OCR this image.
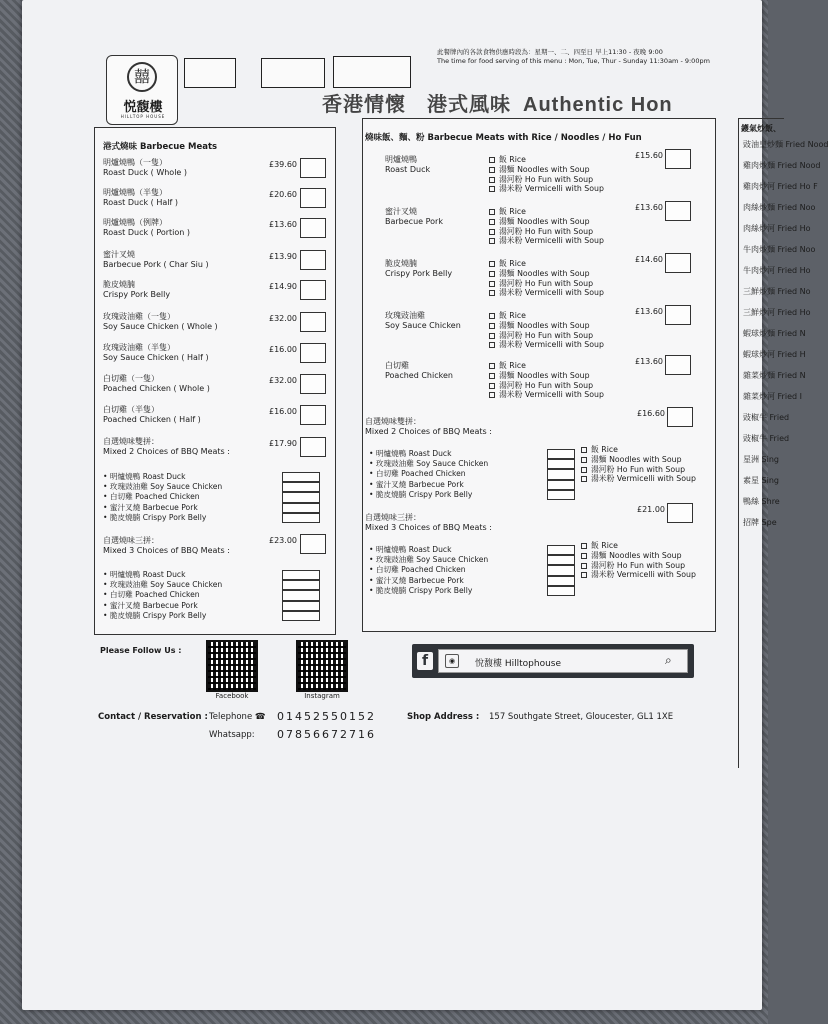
囍
悦馥樓
HILLTOP HOUSE
此餐牌內的各款食物供應時段為：星期一、二、四至日 早上11:30 - 夜晚 9:00
The time for food serving of this menu : Mon, Tue, Thur - Sunday 11:30am - 9:00pm
香港情懷　港式風味 Authentic Hon
港式燒味 Barbecue Meats
明爐燒鴨（一隻）
Roast Duck ( Whole )
£39.60
明爐燒鴨（半隻）
Roast Duck ( Half )
£20.60
明爐燒鴨（例牌）
Roast Duck ( Portion )
£13.60
蜜汁叉燒
Barbecue Pork ( Char Siu )
£13.90
脆皮燒腩
Crispy Pork Belly
£14.90
玫瑰豉油雞（一隻）
Soy Sauce Chicken ( Whole )
£32.00
玫瑰豉油雞（半隻）
Soy Sauce Chicken ( Half )
£16.00
白切雞（一隻）
Poached Chicken ( Whole )
£32.00
白切雞（半隻）
Poached Chicken ( Half )
£16.00
自選燒味雙拼：
Mixed 2 Choices of BBQ Meats :
£17.90
• 明爐燒鴨 Roast Duck
• 玫瑰豉油雞 Soy Sauce Chicken
• 白切雞 Poached Chicken
• 蜜汁叉燒 Barbecue Pork
• 脆皮燒腩 Crispy Pork Belly
自選燒味三拼：
Mixed 3 Choices of BBQ Meats :
£23.00
• 明爐燒鴨 Roast Duck
• 玫瑰豉油雞 Soy Sauce Chicken
• 白切雞 Poached Chicken
• 蜜汁叉燒 Barbecue Pork
• 脆皮燒腩 Crispy Pork Belly
燒味飯、麵、粉 Barbecue Meats with Rice / Noodles / Ho Fun
明爐燒鴨
Roast Duck
飯 Rice
湯麵 Noodles with Soup
湯河粉 Ho Fun with Soup
湯米粉 Vermicelli with Soup
£15.60
蜜汁叉燒
Barbecue Pork
飯 Rice
湯麵 Noodles with Soup
湯河粉 Ho Fun with Soup
湯米粉 Vermicelli with Soup
£13.60
脆皮燒腩
Crispy Pork Belly
飯 Rice
湯麵 Noodles with Soup
湯河粉 Ho Fun with Soup
湯米粉 Vermicelli with Soup
£14.60
玫瑰豉油雞
Soy Sauce Chicken
飯 Rice
湯麵 Noodles with Soup
湯河粉 Ho Fun with Soup
湯米粉 Vermicelli with Soup
£13.60
白切雞
Poached Chicken
飯 Rice
湯麵 Noodles with Soup
湯河粉 Ho Fun with Soup
湯米粉 Vermicelli with Soup
£13.60
自選燒味雙拼：
Mixed 2 Choices of BBQ Meats :
£16.60
• 明爐燒鴨 Roast Duck
• 玫瑰豉油雞 Soy Sauce Chicken
• 白切雞 Poached Chicken
• 蜜汁叉燒 Barbecue Pork
• 脆皮燒腩 Crispy Pork Belly
飯 Rice
湯麵 Noodles with Soup
湯河粉 Ho Fun with Soup
湯米粉 Vermicelli with Soup
自選燒味三拼：
Mixed 3 Choices of BBQ Meats :
£21.00
• 明爐燒鴨 Roast Duck
• 玫瑰豉油雞 Soy Sauce Chicken
• 白切雞 Poached Chicken
• 蜜汁叉燒 Barbecue Pork
• 脆皮燒腩 Crispy Pork Belly
飯 Rice
湯麵 Noodles with Soup
湯河粉 Ho Fun with Soup
湯米粉 Vermicelli with Soup
鑊氣炒飯、
豉油皇炒麵 Fried Nood
雞肉炒麵 Fried Nood
雞肉炒河 Fried Ho F
肉絲炒麵 Fried Noo
肉絲炒河 Fried Ho
牛肉炒麵 Fried Noo
牛肉炒河 Fried Ho
三鮮炒麵 Fried No
三鮮炒河 Fried Ho
蝦球炒麵 Fried N
蝦球炒河 Fried H
雜菜炒麵 Fried N
雜菜炒河 Fried I
豉椒牛 Fried
豉椒牛 Fried
星洲 Sing
素星 Sing
鴨絲 Shre
招牌 Spe
Please Follow Us :
Facebook	Instagram
f	◉	悅馥樓 Hilltophouse	⌕
Contact / Reservation : Telephone ☎ 01452550152
Whatsapp: 07856672716
Shop Address : 157 Southgate Street, Gloucester, GL1 1XE
